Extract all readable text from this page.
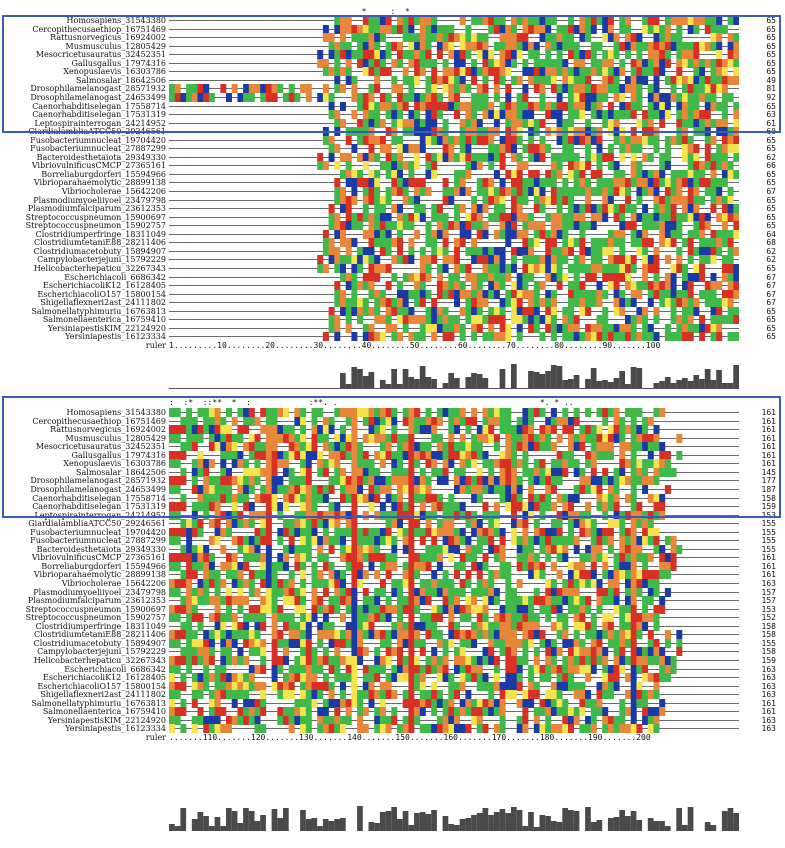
*     :  *
Homosapiens_31543380	65
Cercopithecusaethiop_16751469	65
Rattusnorvegicus_16924002	65
Musmusculus_12805429	65
Mesocricetusauratus_32452351	65
Gallusgallus_17974316	65
Xenopuslaevis_16303786	65
Salmosalar_18642506	49
Drosophilamelanogast_28571932	81
Drosophilamelanogast_24653499	92
Caenorhabditiselegan_17558714	65
Caenorhabditiselegan_17531319	63
Leptospirainterrogan_24214952	61
GiardialambliaATCC50_29246561	60
Fusobacteriumnucleat_19704420	65
Fusobacteriumnucleat_27887299	65
Bacteroidesthetaiota_29349330	62
VibriovulnificusCMCP_27365161	66
Borreliaburgdorferi_15594966	65
Vibrioparahaemolytic_28899138	65
Vibriocholerae_15642206	67
Plasmodiumyoeliiyoel_23479798	65
Plasmodiumfalciparum_23612353	65
Streptococcuspneumon_15900697	65
Streptococcuspneumon_15902757	65
Clostridiumperfringe_18311049	64
ClostridiumtetaniE88_28211406	68
Clostridiumacetobuty_15894907	62
Campylobacterjejuni_15792229	62
Helicobacterhepaticu_32267343	65
Escherichiacoli_6686342	67
EscherichiacoliK12_16128405	67
EscherichiacoliO157_15800154	67
Shigellaflexneri2ast_24111802	67
Salmonellatyphimuriu_16763813	65
Salmonellaenterica_16759410	65
YersiniapestisKIM_22124920	65
Yersiniapestis_16123334	65
ruler 1.........10........20........30........40........50........60........70........80........90.......100
:  :*  ::**  *  :            :**. .                                          *. * ..
Homosapiens_31543380	161
Cercopithecusaethiop_16751469	161
Rattusnorvegicus_16924002	161
Musmusculus_12805429	161
Mesocricetusauratus_32452351	161
Gallusgallus_17974316	161
Xenopuslaevis_16303786	161
Salmosalar_18642506	145
Drosophilamelanogast_28571932	177
Drosophilamelanogast_24653499	187
Caenorhabditiselegan_17558714	158
Caenorhabditiselegan_17531319	159
Leptospirainterrogan_24214952	153
GiardialambliaATCC50_29246561	155
Fusobacteriumnucleat_19704420	155
Fusobacteriumnucleat_27887299	155
Bacteroidesthetaiota_29349330	155
VibriovulnificusCMCP_27365161	161
Borreliaburgdorferi_15594966	161
Vibrioparahaemolytic_28899138	161
Vibriocholerae_15642206	163
Plasmodiumyoeliiyoel_23479798	157
Plasmodiumfalciparum_23612353	157
Streptococcuspneumon_15900697	153
Streptococcuspneumon_15902757	152
Clostridiumperfringe_18311049	158
ClostridiumtetaniE88_28211406	158
Clostridiumacetobuty_15894907	155
Campylobacterjejuni_15792229	158
Helicobacterhepaticu_32267343	159
Escherichiacoli_6686342	163
EscherichiacoliK12_16128405	163
EscherichiacoliO157_15800154	163
Shigellaflexneri2ast_24111802	163
Salmonellatyphimuriu_16763813	161
Salmonellaenterica_16759410	161
YersiniapestisKIM_22124920	163
Yersiniapestis_16123334	163
ruler .......110.......120.......130.......140.......150.......160.......170.......180.......190.......200
